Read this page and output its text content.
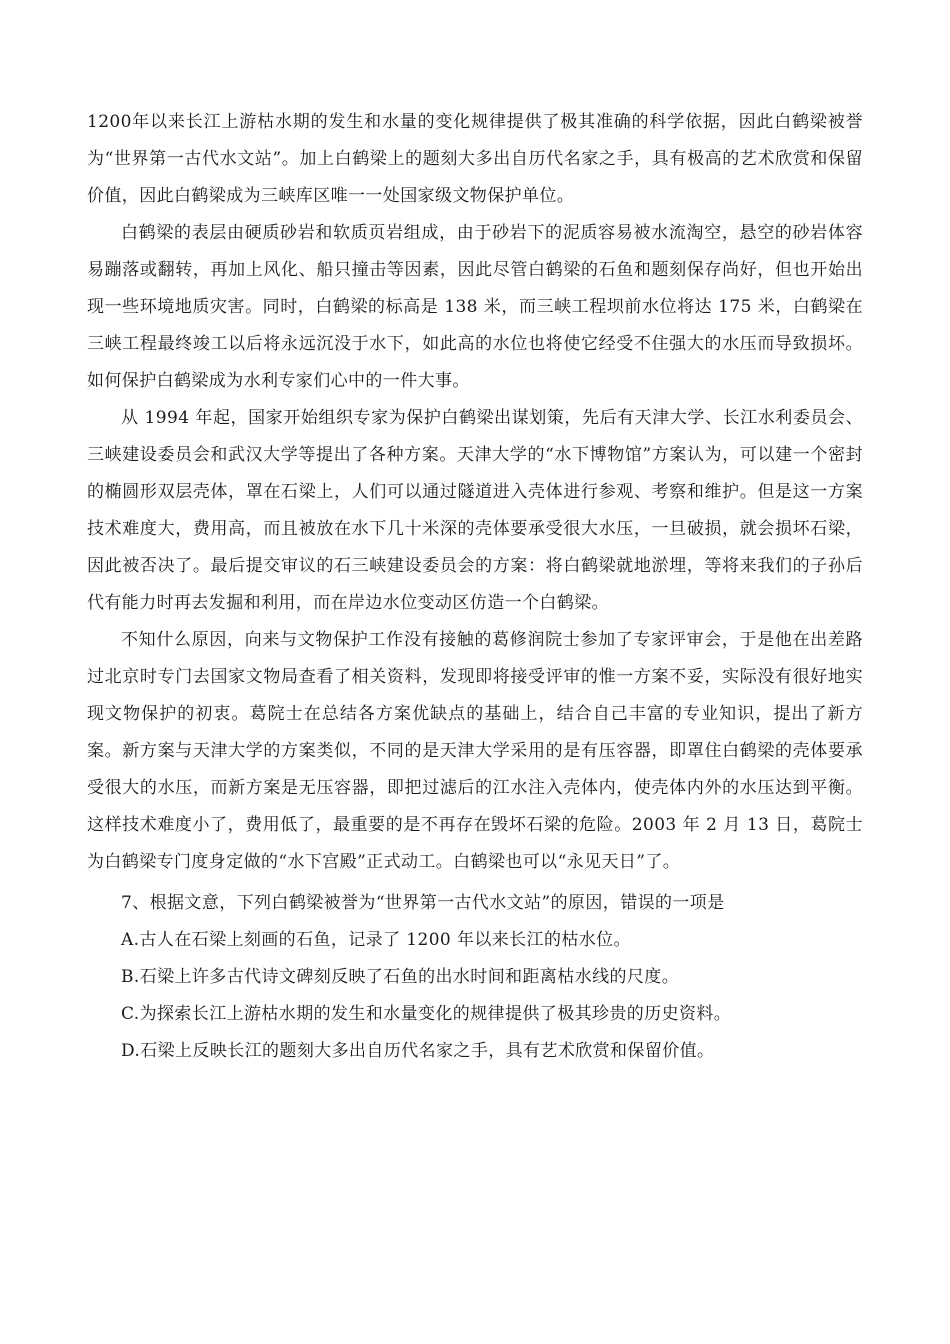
1200年以来长江上游枯水期的发生和水量的变化规律提供了极其准确的科学依据，因此白鹤梁被誉为“世界第一古代水文站”。加上白鹤梁上的题刻大多出自历代名家之手，具有极高的艺术欣赏和保留价值，因此白鹤梁成为三峡库区唯一一处国家级文物保护单位。

白鹤梁的表层由硬质砂岩和软质页岩组成，由于砂岩下的泥质容易被水流淘空，悬空的砂岩体容易蹦落或翻转，再加上风化、船只撞击等因素，因此尽管白鹤梁的石鱼和题刻保存尚好，但也开始出现一些环境地质灾害。同时，白鹤梁的标高是 138 米，而三峡工程坝前水位将达 175 米，白鹤梁在三峡工程最终竣工以后将永远沉没于水下，如此高的水位也将使它经受不住强大的水压而导致损坏。如何保护白鹤梁成为水利专家们心中的一件大事。

从 1994 年起，国家开始组织专家为保护白鹤梁出谋划策，先后有天津大学、长江水利委员会、三峡建设委员会和武汉大学等提出了各种方案。天津大学的“水下博物馆”方案认为，可以建一个密封的椭圆形双层壳体，罩在石梁上，人们可以通过隧道进入壳体进行参观、考察和维护。但是这一方案技术难度大，费用高，而且被放在水下几十米深的壳体要承受很大水压，一旦破损，就会损坏石梁，因此被否决了。最后提交审议的石三峡建设委员会的方案：将白鹤梁就地淤埋，等将来我们的子孙后代有能力时再去发掘和利用，而在岸边水位变动区仿造一个白鹤梁。

不知什么原因，向来与文物保护工作没有接触的葛修润院士参加了专家评审会，于是他在出差路过北京时专门去国家文物局查看了相关资料，发现即将接受评审的惟一方案不妥，实际没有很好地实现文物保护的初衷。葛院士在总结各方案优缺点的基础上，结合自己丰富的专业知识，提出了新方案。新方案与天津大学的方案类似，不同的是天津大学采用的是有压容器，即罩住白鹤梁的壳体要承受很大的水压，而新方案是无压容器，即把过滤后的江水注入壳体内，使壳体内外的水压达到平衡。这样技术难度小了，费用低了，最重要的是不再存在毁坏石梁的危险。2003 年 2 月 13 日，葛院士为白鹤梁专门度身定做的“水下宫殿”正式动工。白鹤梁也可以“永见天日”了。

7、根据文意，下列白鹤梁被誉为“世界第一古代水文站”的原因，错误的一项是

A.古人在石梁上刻画的石鱼，记录了 1200 年以来长江的枯水位。

B.石梁上许多古代诗文碑刻反映了石鱼的出水时间和距离枯水线的尺度。

C.为探索长江上游枯水期的发生和水量变化的规律提供了极其珍贵的历史资料。

D.石梁上反映长江的题刻大多出自历代名家之手，具有艺术欣赏和保留价值。
